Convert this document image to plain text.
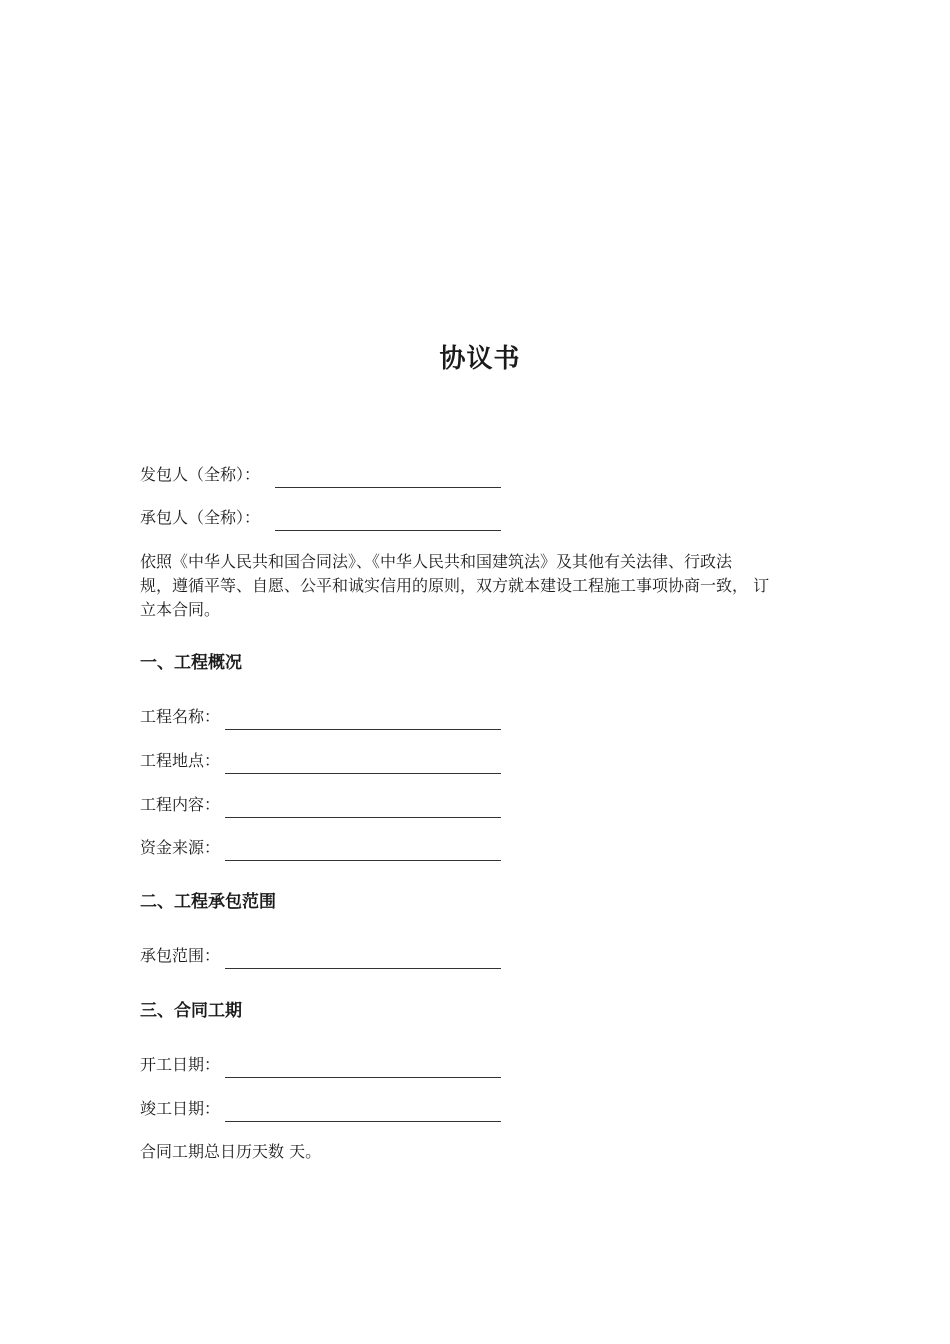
协议书
发包人（全称）：
承包人（全称）：
依照《中华人民共和国合同法》、《中华人民共和国建筑法》及其他有关法律、行政法
规，遵循平等、自愿、公平和诚实信用的原则，双方就本建设工程施工事项协商一致， 订
立本合同。
一、工程概况
工程名称：
工程地点：
工程内容：
资金来源：
二、工程承包范围
承包范围：
三、合同工期
开工日期：
竣工日期：
合同工期总日历天数 天。
